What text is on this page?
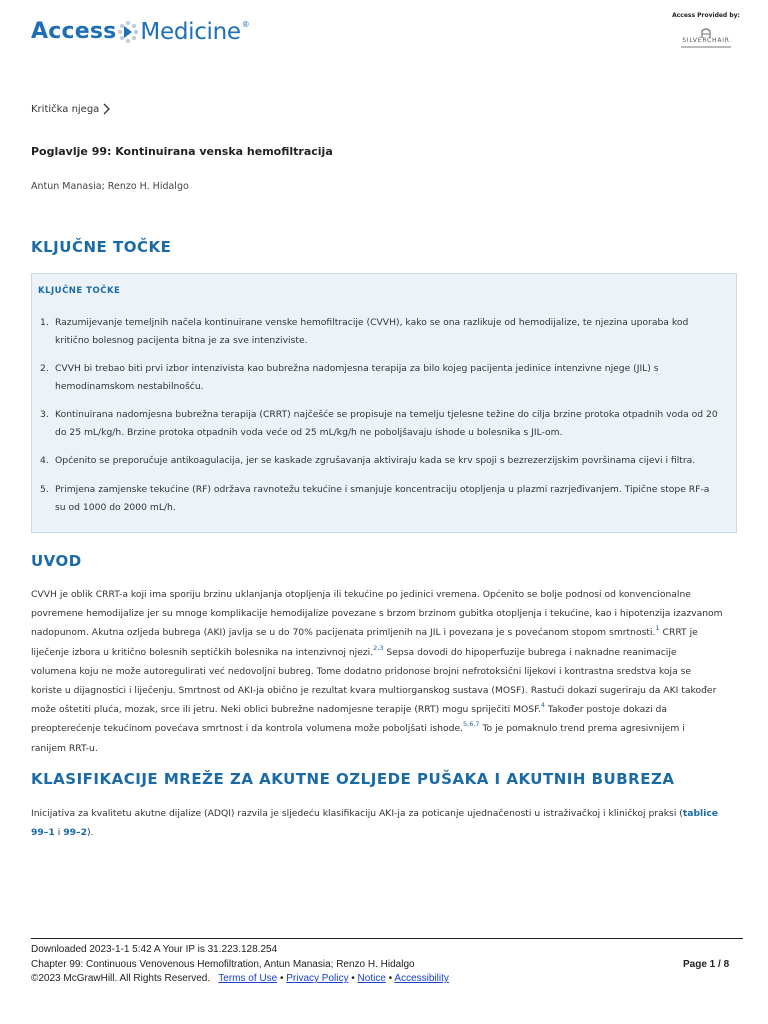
Access Medicine ®
Access Provided by:
SILVERCHAIR
Kritička njega
Poglavlje 99: Kontinuirana venska hemofiltracija
Antun Manasia; Renzo H. Hidalgo
KLJUČNE TOČKE
KLJUČNE TOČKE
1. Razumijevanje temeljnih načela kontinuirane venske hemofiltracije (CVVH), kako se ona razlikuje od hemodijalize, te njezina uporaba kod
kritično bolesnog pacijenta bitna je za sve intenziviste.
2. CVVH bi trebao biti prvi izbor intenzivista kao bubrežna nadomjesna terapija za bilo kojeg pacijenta jedinice intenzivne njege (JIL) s
hemodinamskom nestabilnošću.
3. Kontinuirana nadomjesna bubrežna terapija (CRRT) najčešće se propisuje na temelju tjelesne težine do cilja brzine protoka otpadnih voda od 20
do 25 mL/kg/h. Brzine protoka otpadnih voda veće od 25 mL/kg/h ne poboljšavaju ishode u bolesnika s JIL-om.
4. Općenito se preporučuje antikoagulacija, jer se kaskade zgrušavanja aktiviraju kada se krv spoji s bezrezerzijskim površinama cijevi i filtra.
5. Primjena zamjenske tekućine (RF) održava ravnotežu tekućine i smanjuje koncentraciju otopljenja u plazmi razrjeđivanjem. Tipične stope RF-a
su od 1000 do 2000 mL/h.
UVOD
CVVH je oblik CRRT-a koji ima sporiju brzinu uklanjanja otopljenja ili tekućine po jedinici vremena. Općenito se bolje podnosi od konvencionalne
povremene hemodijalize jer su mnoge komplikacije hemodijalize povezane s brzom brzinom gubitka otopljenja i tekućine, kao i hipotenzija izazvanom
nadopunom. Akutna ozljeda bubrega (AKI) javlja se u do 70% pacijenata primljenih na JIL i povezana je s povećanom stopom smrtnosti.$^1$ CRRT je
liječenje izbora u kritično bolesnih septičkih bolesnika na intenzivnoj njezi.$^{2,3}$ Sepsa dovodi do hipoperfuzije bubrega i naknadne reanimacije
volumena koju ne može autoregulirati već nedovoljni bubreg. Tome dodatno pridonose brojni nefrotoksični lijekovi i kontrastna sredstva koja se
koriste u dijagnostici i liječenju. Smrtnost od AKI-ja obično je rezultat kvara multiorganskog sustava (MOSF). Rastući dokazi sugeriraju da AKI također
može oštetiti pluća, mozak, srce ili jetru. Neki oblici bubrežne nadomjesne terapije (RRT) mogu spriječiti MOSF.$^4$ Također postoje dokazi da
preopterećenje tekućinom povećava smrtnost i da kontrola volumena može poboljšati ishode.$^{5,6,7}$ To je pomaknulo trend prema agresivnijem i
ranijem RRT-u.
KLASIFIKACIJE MREŽE ZA AKUTNE OZLJEDE PUŠAKA I AKUTNIH BUBREZA
Inicijativa za kvalitetu akutne dijalize (ADQI) razvila je sljedeću klasifikaciju AKI-ja za poticanje ujednačenosti u istraživačkoj i kliničkoj praksi (tablice
99–1 i 99–2).
Downloaded 2023-1-1 5:42 A Your IP is 31.223.128.254
Chapter 99: Continuous Venovenous Hemofiltration, Antun Manasia; Renzo H. Hidalgo
©2023 McGrawHill. All Rights Reserved. Terms of Use • Privacy Policy • Notice • Accessibility
Page 1 / 8
